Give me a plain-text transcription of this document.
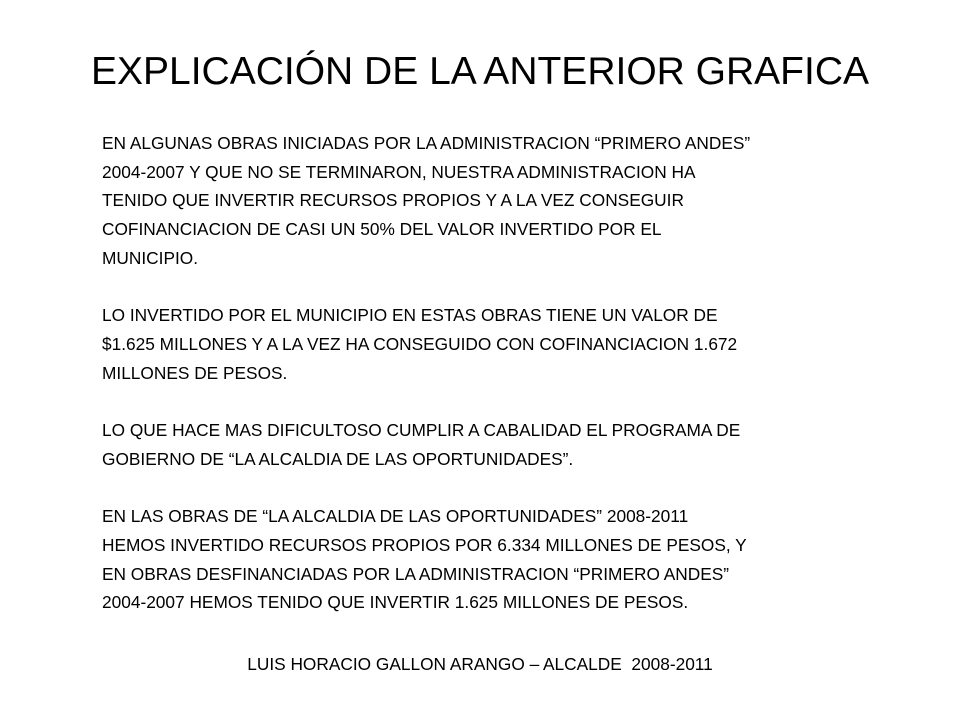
EXPLICACIÓN DE LA ANTERIOR GRAFICA

EN ALGUNAS OBRAS INICIADAS POR LA ADMINISTRACION “PRIMERO ANDES”
2004-2007 Y QUE NO SE TERMINARON, NUESTRA ADMINISTRACION HA
TENIDO QUE INVERTIR RECURSOS PROPIOS Y A LA VEZ CONSEGUIR
COFINANCIACION DE CASI UN 50% DEL VALOR INVERTIDO POR EL
MUNICIPIO.

LO INVERTIDO POR EL MUNICIPIO EN ESTAS OBRAS TIENE UN VALOR DE
$1.625 MILLONES Y A LA VEZ HA CONSEGUIDO CON COFINANCIACION 1.672
MILLONES DE PESOS.

LO QUE HACE MAS DIFICULTOSO CUMPLIR A CABALIDAD EL PROGRAMA DE
GOBIERNO DE “LA ALCALDIA DE LAS OPORTUNIDADES”.

EN LAS OBRAS DE “LA ALCALDIA DE LAS OPORTUNIDADES” 2008-2011
HEMOS INVERTIDO RECURSOS PROPIOS POR 6.334 MILLONES DE PESOS, Y
EN OBRAS DESFINANCIADAS POR LA ADMINISTRACION “PRIMERO ANDES”
2004-2007 HEMOS TENIDO QUE INVERTIR 1.625 MILLONES DE PESOS.

LUIS HORACIO GALLON ARANGO – ALCALDE  2008-2011
